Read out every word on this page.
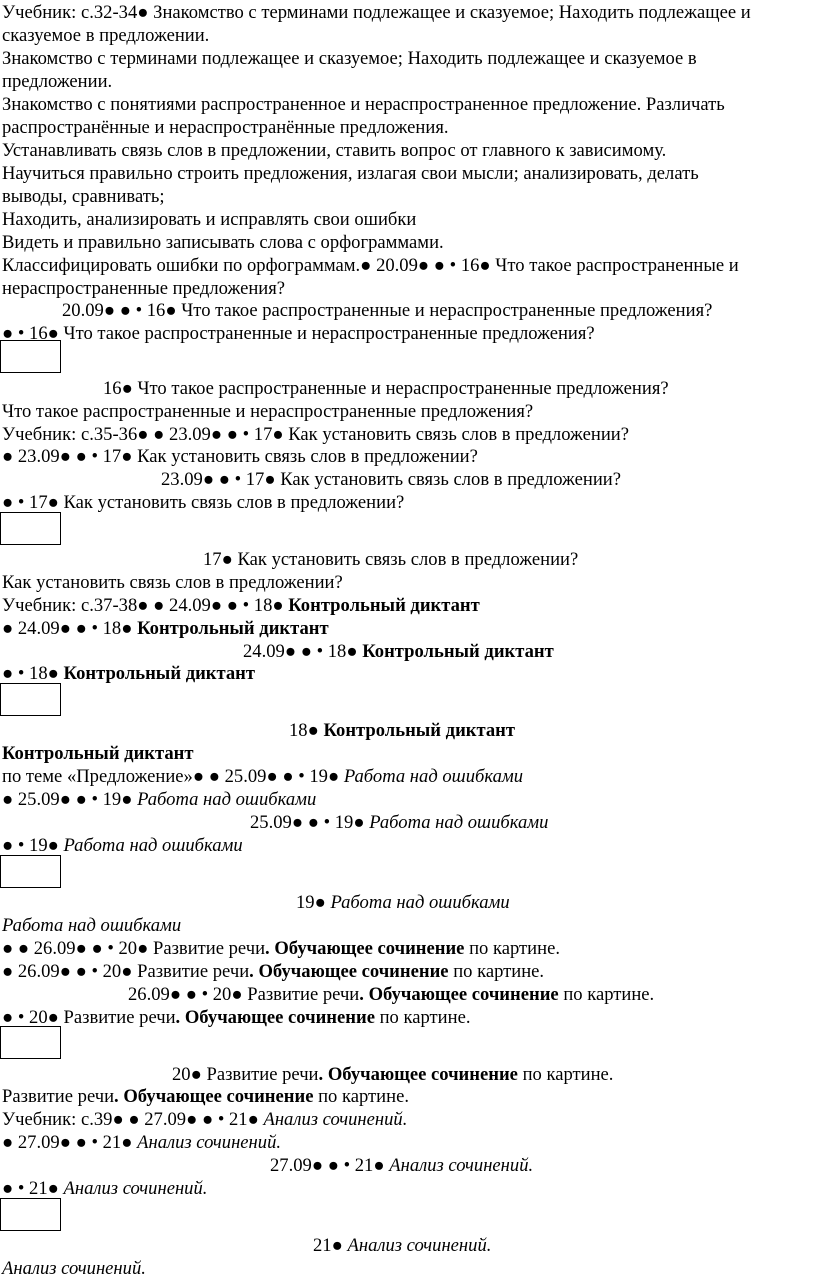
Учебник: с.32-34● Знакомство с терминами подлежащее и сказуемое; Находить подлежащее и
сказуемое в предложении.
Знакомство с терминами подлежащее и сказуемое; Находить подлежащее и сказуемое в
предложении.
Знакомство с понятиями распространенное и нераспространенное предложение. Различать
распространённые и нераспространённые предложения.
Устанавливать связь слов в предложении, ставить вопрос от главного к зависимому.
Научиться правильно строить предложения, излагая свои мысли; анализировать, делать
выводы, сравнивать;
Находить, анализировать и исправлять свои ошибки
Видеть и правильно записывать слова с орфограммами.
Классифицировать ошибки по орфограммам.● 20.09● ● • 16● Что такое распространенные и
нераспространенные предложения?
20.09● ● • 16● Что такое распространенные и нераспространенные предложения?
● • 16● Что такое распространенные и нераспространенные предложения?
16● Что такое распространенные и нераспространенные предложения?
Что такое распространенные и нераспространенные предложения?
Учебник: с.35-36● ● 23.09● ● • 17● Как установить связь слов в предложении?
● 23.09● ● • 17● Как установить связь слов в предложении?
23.09● ● • 17● Как установить связь слов в предложении?
● • 17● Как установить связь слов в предложении?
17● Как установить связь слов в предложении?
Как установить связь слов в предложении?
Учебник: с.37-38● ● 24.09● ● • 18● Контрольный диктант
● 24.09● ● • 18● Контрольный диктант
24.09● ● • 18● Контрольный диктант
● • 18● Контрольный диктант
18● Контрольный диктант
Контрольный диктант
по теме «Предложение»● ● 25.09● ● • 19● Работа над ошибками
● 25.09● ● • 19● Работа над ошибками
25.09● ● • 19● Работа над ошибками
● • 19● Работа над ошибками
19● Работа над ошибками
Работа над ошибками
● ● 26.09● ● • 20● Развитие речи. Обучающее сочинение по картине.
● 26.09● ● • 20● Развитие речи. Обучающее сочинение по картине.
26.09● ● • 20● Развитие речи. Обучающее сочинение по картине.
● • 20● Развитие речи. Обучающее сочинение по картине.
20● Развитие речи. Обучающее сочинение по картине.
Развитие речи. Обучающее сочинение по картине.
Учебник: с.39● ● 27.09● ● • 21● Анализ сочинений.
● 27.09● ● • 21● Анализ сочинений.
27.09● ● • 21● Анализ сочинений.
● • 21● Анализ сочинений.
21● Анализ сочинений.
Анализ сочинений.
